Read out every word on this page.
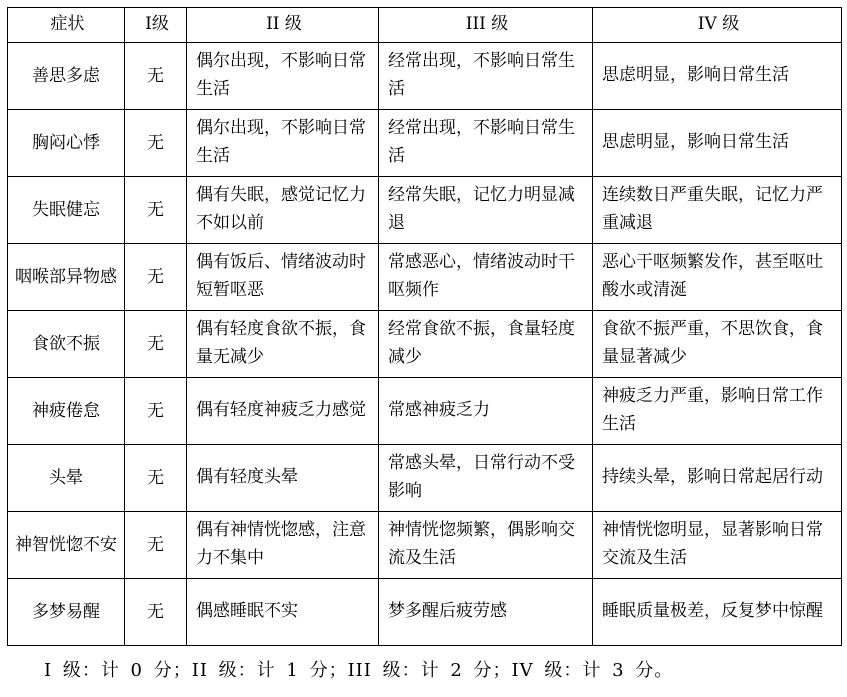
症状	I级	II 级	III 级	IV 级
善思多虑	无	偶尔出现，不影响日常生活	经常出现，不影响日常生活	思虑明显，影响日常生活
胸闷心悸	无	偶尔出现，不影响日常生活	经常出现，不影响日常生活	思虑明显，影响日常生活
失眠健忘	无	偶有失眠，感觉记忆力不如以前	经常失眠，记忆力明显减退	连续数日严重失眠，记忆力严重减退
咽喉部异物感	无	偶有饭后、情绪波动时短暂呕恶	常感恶心，情绪波动时干呕频作	恶心干呕频繁发作，甚至呕吐酸水或清涎
食欲不振	无	偶有轻度食欲不振，食量无减少	经常食欲不振，食量轻度减少	食欲不振严重，不思饮食，食量显著减少
神疲倦怠	无	偶有轻度神疲乏力感觉	常感神疲乏力	神疲乏力严重，影响日常工作生活
头晕	无	偶有轻度头晕	常感头晕，日常行动不受影响	持续头晕，影响日常起居行动
神智恍惚不安	无	偶有神情恍惚感，注意力不集中	神情恍惚频繁，偶影响交流及生活	神情恍惚明显，显著影响日常交流及生活
多梦易醒	无	偶感睡眠不实	梦多醒后疲劳感	睡眠质量极差，反复梦中惊醒
I 级：计 0 分；II 级：计 1 分；III 级：计 2 分；IV 级：计 3 分。
